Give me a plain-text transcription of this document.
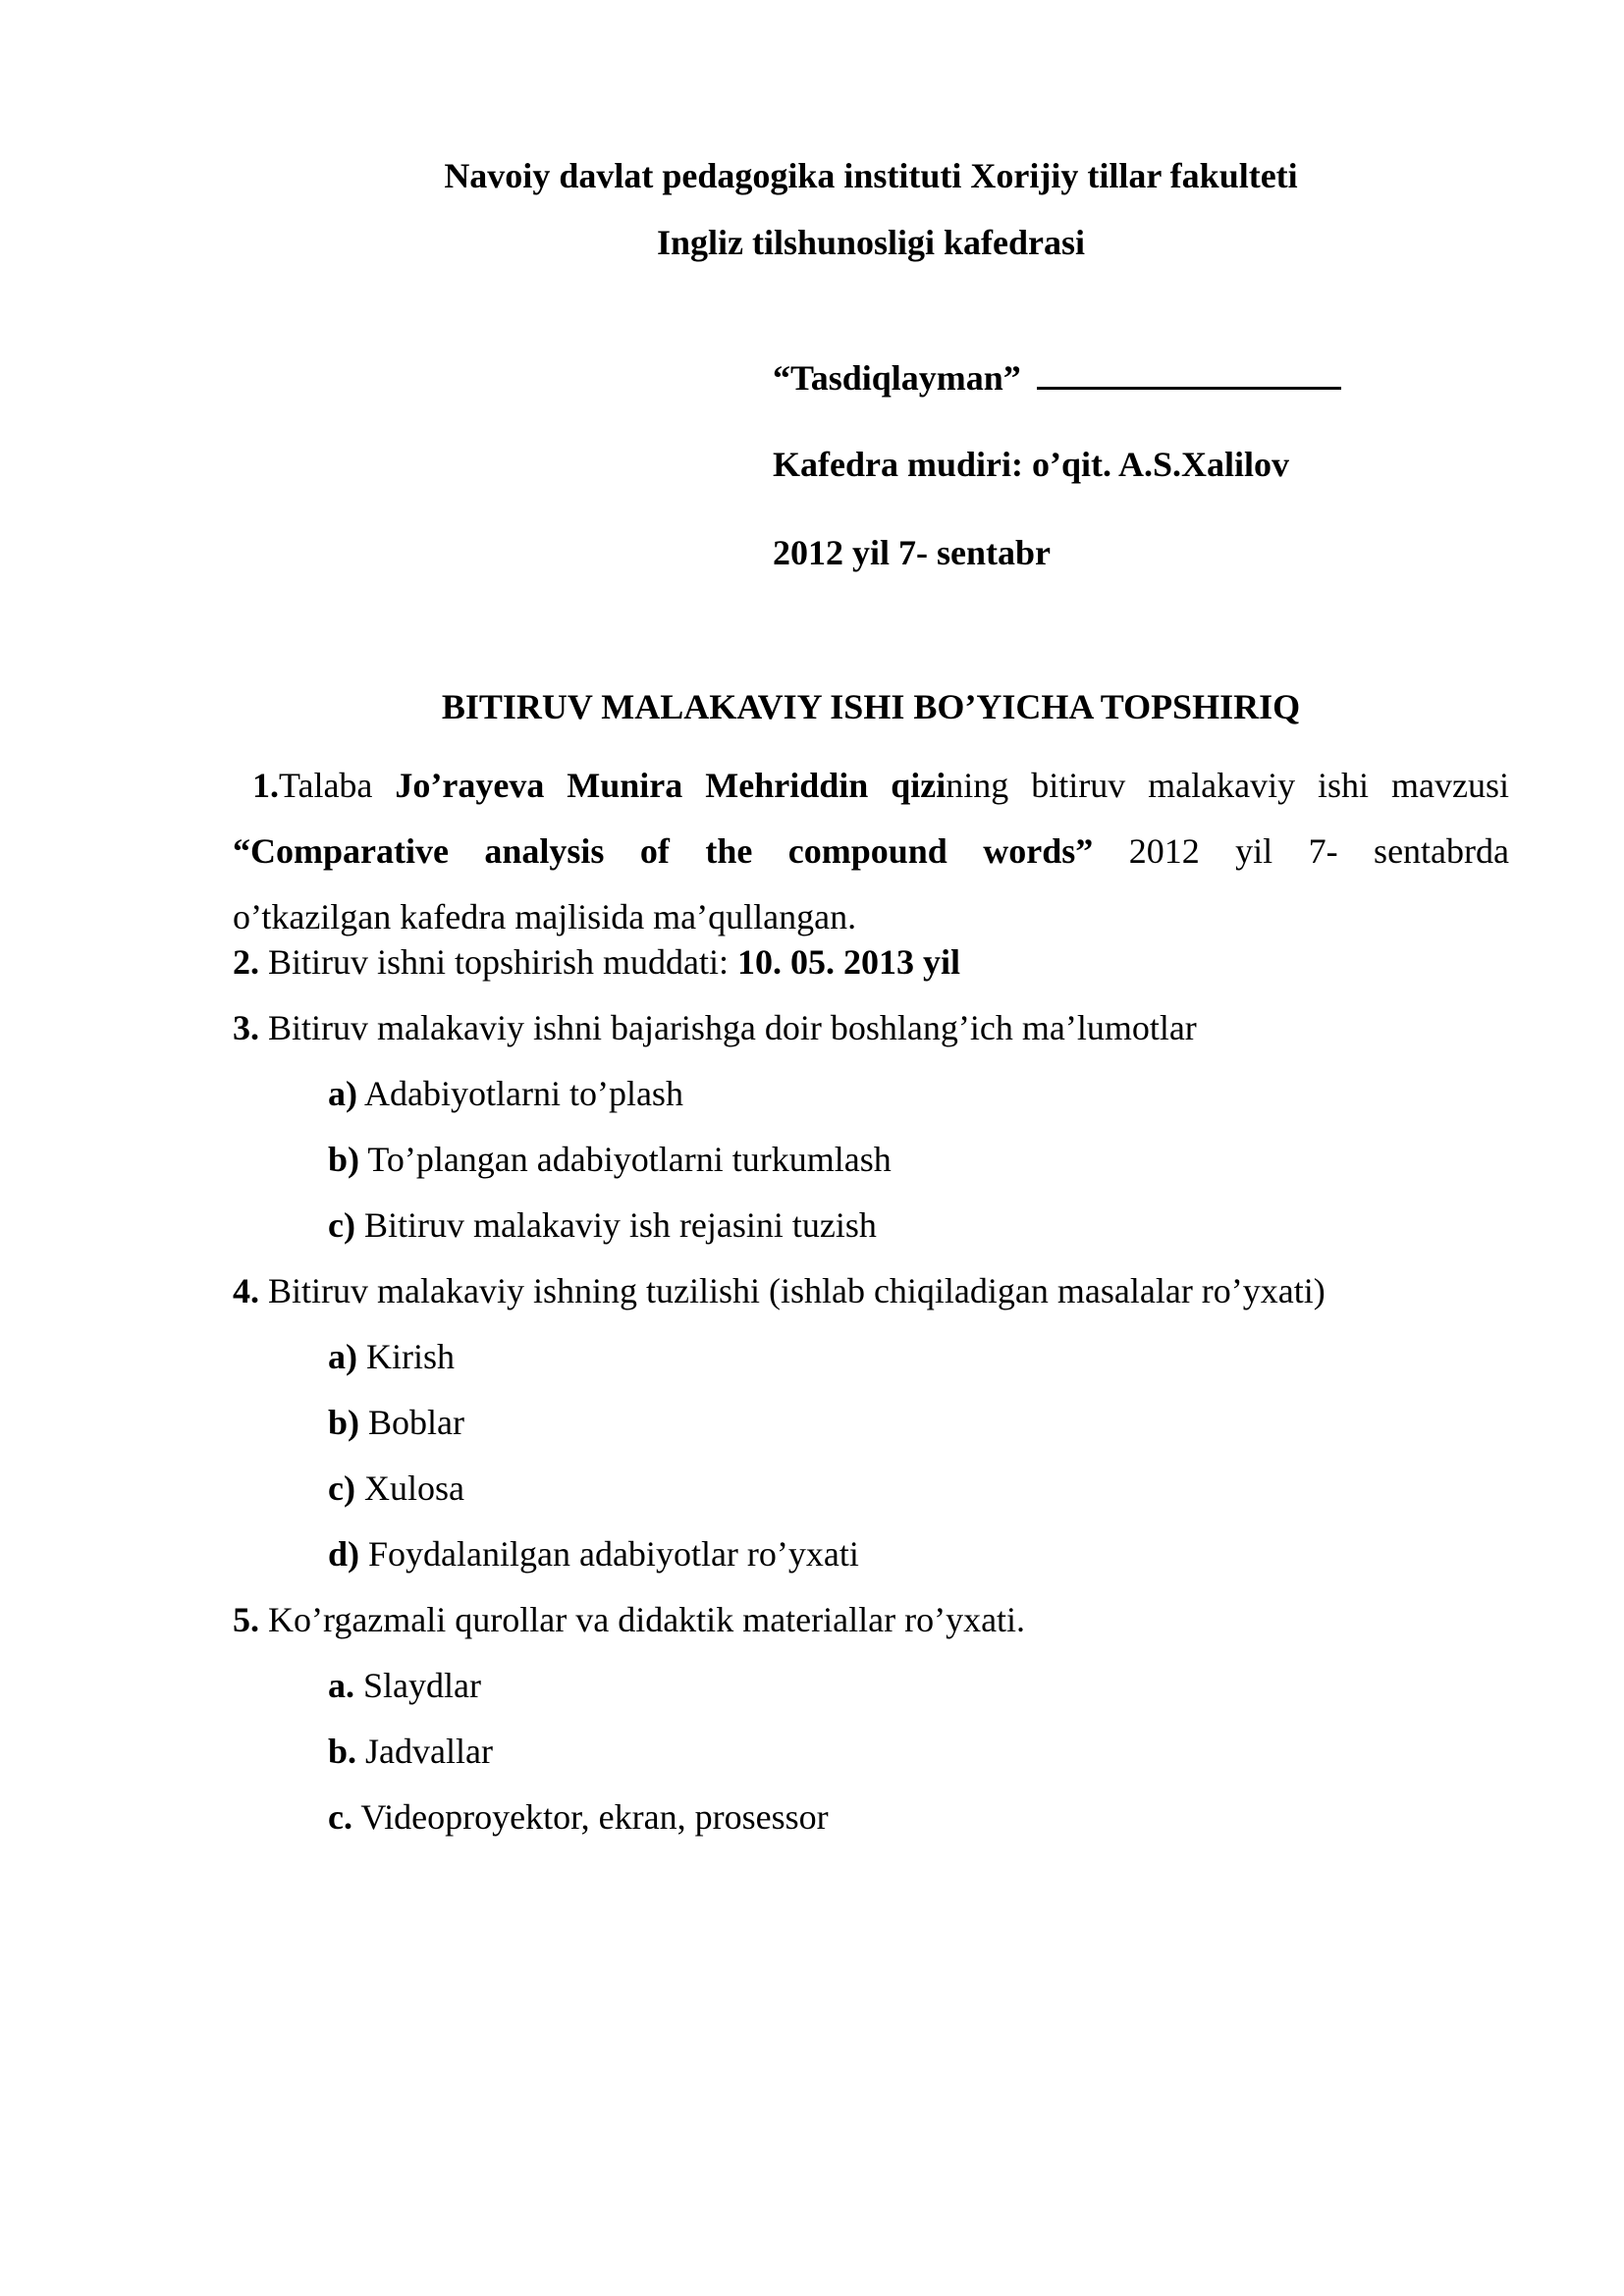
Navoiy davlat pedagogika instituti Xorijiy tillar fakulteti
Ingliz tilshunosligi kafedrasi
“Tasdiqlayman”
Kafedra mudiri: o’qit. A.S.Xalilov
2012 yil 7- sentabr
BITIRUV MALAKAVIY ISHI BO’YICHA TOPSHIRIQ
1.Talaba Jo’rayeva Munira Mehriddin qizining bitiruv malakaviy ishi mavzusi
“Comparative analysis of the compound words” 2012 yil 7- sentabrda
o’tkazilgan kafedra majlisida ma’qullangan.
2. Bitiruv ishni topshirish muddati: 10. 05. 2013 yil
3. Bitiruv malakaviy ishni bajarishga doir boshlang’ich ma’lumotlar
a) Adabiyotlarni to’plash
b) To’plangan adabiyotlarni turkumlash
c) Bitiruv malakaviy ish rejasini tuzish
4. Bitiruv malakaviy ishning tuzilishi (ishlab chiqiladigan masalalar ro’yxati)
a) Kirish
b) Boblar
c) Xulosa
d) Foydalanilgan adabiyotlar ro’yxati
5. Ko’rgazmali qurollar va didaktik materiallar ro’yxati.
a. Slaydlar
b. Jadvallar
c. Videoproyektor, ekran, prosessor
